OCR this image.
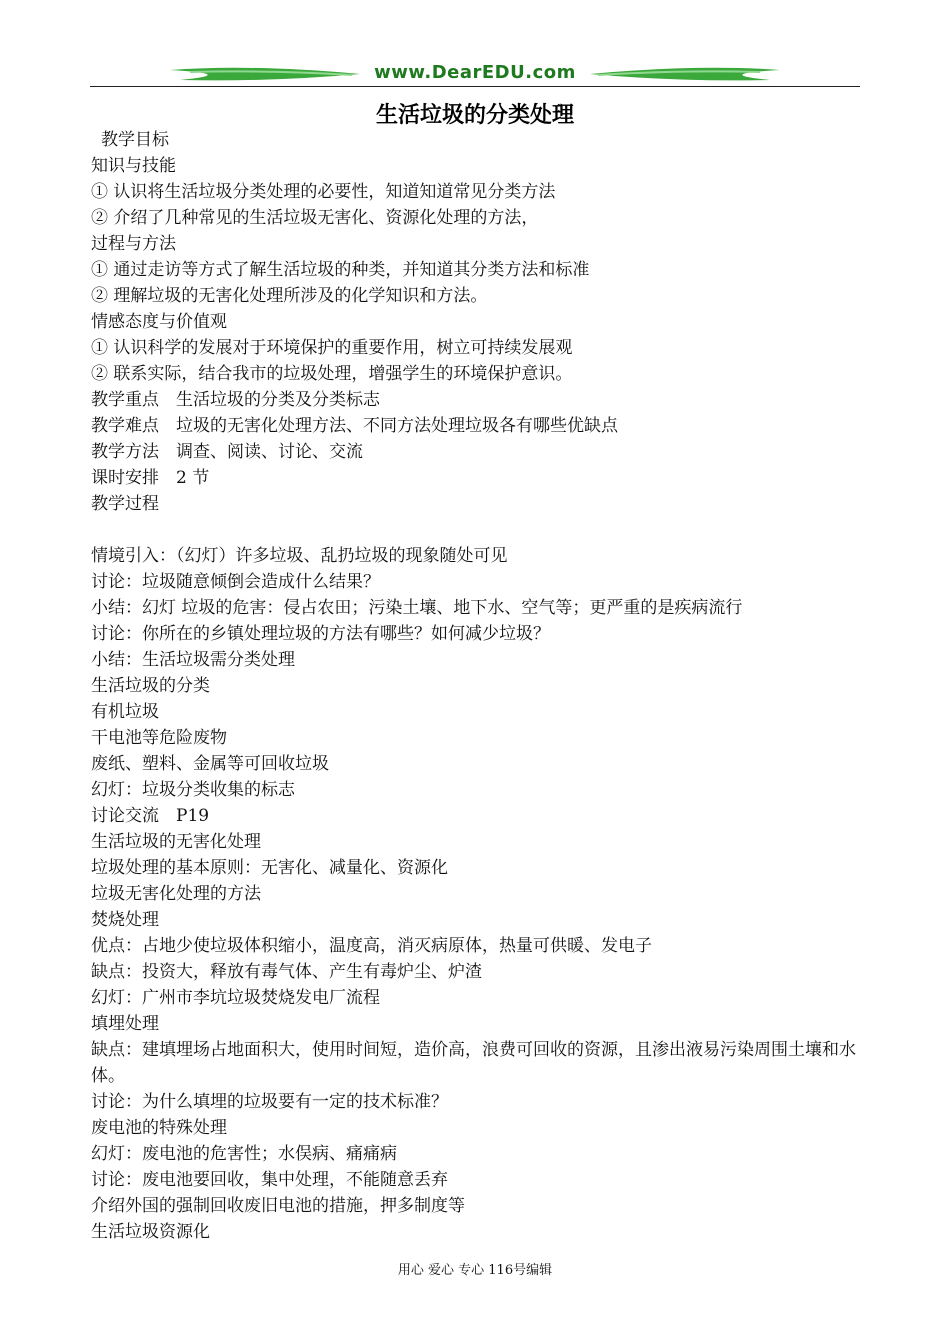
www.DearEDU.com
生活垃圾的分类处理
教学目标
知识与技能
① 认识将生活垃圾分类处理的必要性，知道知道常见分类方法
② 介绍了几种常见的生活垃圾无害化、资源化处理的方法，
过程与方法
① 通过走访等方式了解生活垃圾的种类，并知道其分类方法和标准
② 理解垃圾的无害化处理所涉及的化学知识和方法。
情感态度与价值观
① 认识科学的发展对于环境保护的重要作用，树立可持续发展观
② 联系实际，结合我市的垃圾处理，增强学生的环境保护意识。
教学重点　生活垃圾的分类及分类标志
教学难点　垃圾的无害化处理方法、不同方法处理垃圾各有哪些优缺点
教学方法　调查、阅读、讨论、交流
课时安排　2 节
教学过程
情境引入：（幻灯）许多垃圾、乱扔垃圾的现象随处可见
讨论：垃圾随意倾倒会造成什么结果？
小结：幻灯 垃圾的危害：侵占农田；污染土壤、地下水、空气等；更严重的是疾病流行
讨论：你所在的乡镇处理垃圾的方法有哪些？如何减少垃圾？
小结：生活垃圾需分类处理
生活垃圾的分类
有机垃圾
干电池等危险废物
废纸、塑料、金属等可回收垃圾
幻灯：垃圾分类收集的标志
讨论交流　P19
生活垃圾的无害化处理
垃圾处理的基本原则：无害化、减量化、资源化
垃圾无害化处理的方法
焚烧处理
优点：占地少使垃圾体积缩小，温度高，消灭病原体，热量可供暖、发电子
缺点：投资大，释放有毒气体、产生有毒炉尘、炉渣
幻灯：广州市李坑垃圾焚烧发电厂流程
填埋处理
缺点：建填埋场占地面积大，使用时间短，造价高，浪费可回收的资源，且渗出液易污染周围土壤和水体。
讨论：为什么填埋的垃圾要有一定的技术标准？
废电池的特殊处理
幻灯：废电池的危害性；水俣病、痛痛病
讨论：废电池要回收，集中处理，不能随意丢弃
介绍外国的强制回收废旧电池的措施，押多制度等
生活垃圾资源化
用心 爱心 专心 116号编辑
